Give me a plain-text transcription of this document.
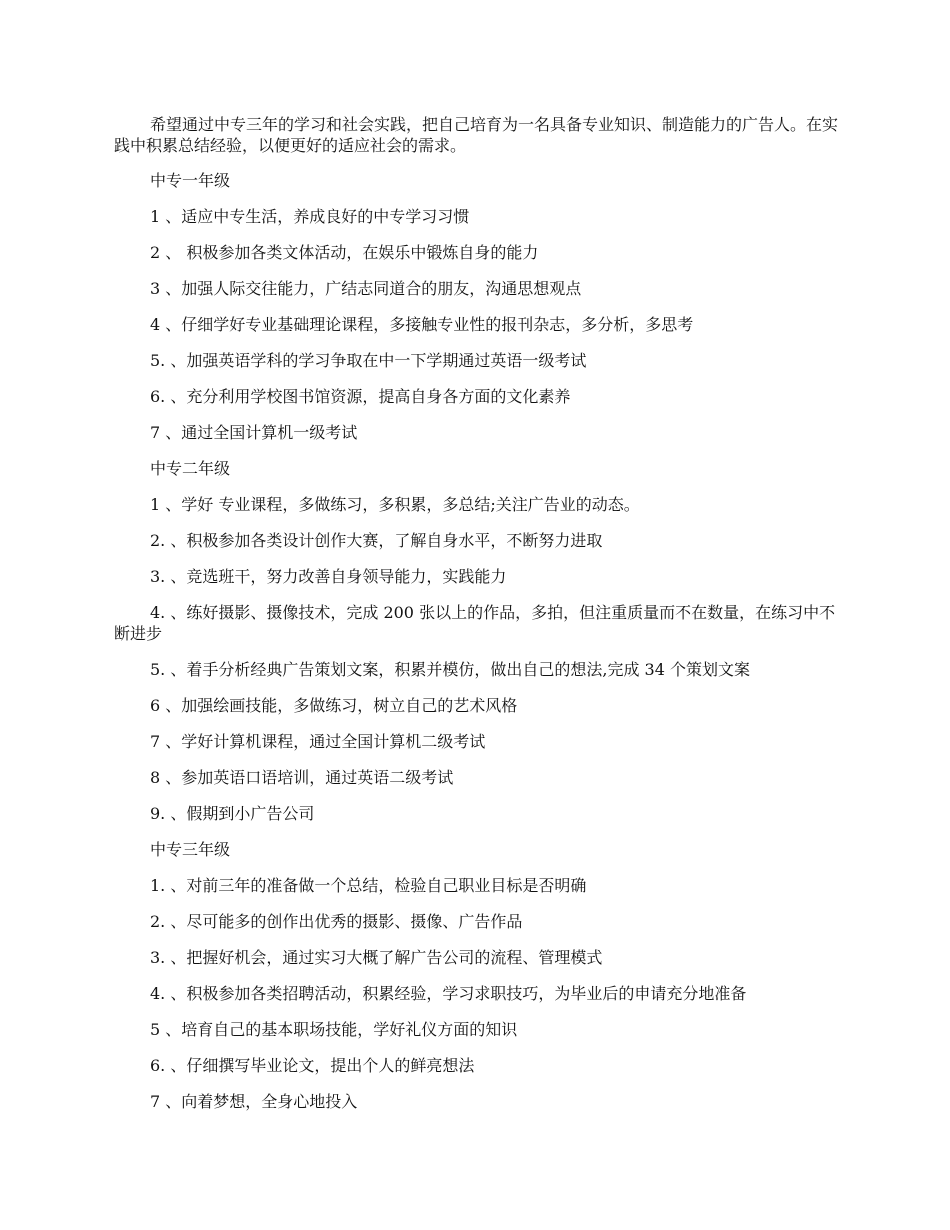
希望通过中专三年的学习和社会实践，把自己培育为一名具备专业知识、制造能力的广告人。在实践中积累总结经验，以便更好的适应社会的需求。

中专一年级

1 、适应中专生活，养成良好的中专学习习惯

2 、 积极参加各类文体活动，在娱乐中锻炼自身的能力

3 、加强人际交往能力，广结志同道合的朋友，沟通思想观点

4 、仔细学好专业基础理论课程，多接触专业性的报刊杂志，多分析，多思考

5. 、加强英语学科的学习争取在中一下学期通过英语一级考试

6. 、充分利用学校图书馆资源，提高自身各方面的文化素养

7 、通过全国计算机一级考试

中专二年级

1 、学好 专业课程，多做练习，多积累，多总结;关注广告业的动态。

2. 、积极参加各类设计创作大赛，了解自身水平，不断努力进取

3. 、竞选班干，努力改善自身领导能力，实践能力

4. 、练好摄影、摄像技术，完成 200 张以上的作品，多拍，但注重质量而不在数量，在练习中不断进步

5. 、着手分析经典广告策划文案，积累并模仿，做出自己的想法,完成 34 个策划文案

6 、加强绘画技能，多做练习，树立自己的艺术风格

7 、学好计算机课程，通过全国计算机二级考试

8 、参加英语口语培训，通过英语二级考试

9. 、假期到小广告公司

中专三年级

1. 、对前三年的准备做一个总结，检验自己职业目标是否明确

2. 、尽可能多的创作出优秀的摄影、摄像、广告作品

3. 、把握好机会，通过实习大概了解广告公司的流程、管理模式

4. 、积极参加各类招聘活动，积累经验，学习求职技巧，为毕业后的申请充分地准备

5 、培育自己的基本职场技能，学好礼仪方面的知识

6. 、仔细撰写毕业论文，提出个人的鲜亮想法

7 、向着梦想，全身心地投入
